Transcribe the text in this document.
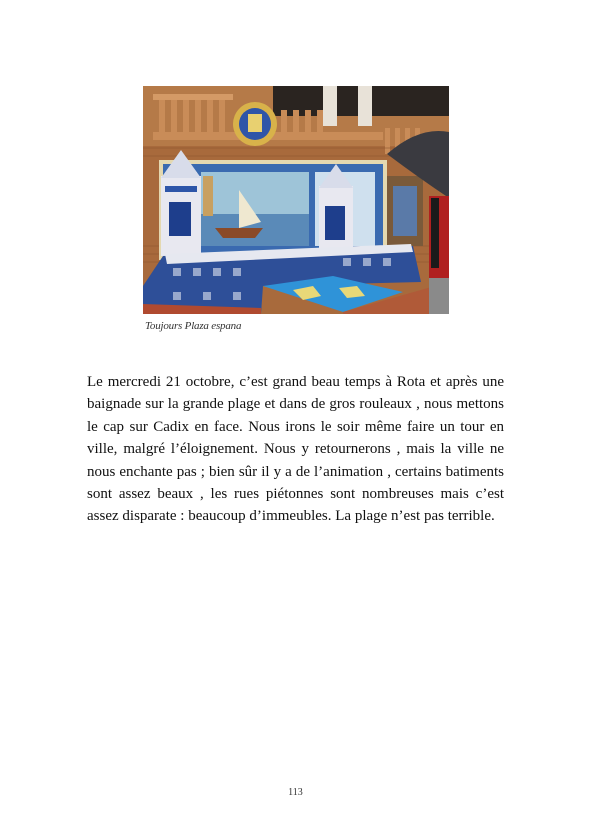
Toujours Plaza espana

Le mercredi 21 octobre, c’est grand beau temps à Rota et après une baignade sur la grande plage et dans de gros rouleaux , nous mettons le cap sur Cadix en face. Nous irons le soir même faire un tour en ville, malgré l’éloignement. Nous y retournerons , mais la ville ne nous enchante pas ; bien sûr il y a de l’animation , certains batiments sont assez beaux , les rues piétonnes sont nombreuses mais c’est assez disparate : beaucoup d’immeubles. La plage n’est pas terrible.

113
